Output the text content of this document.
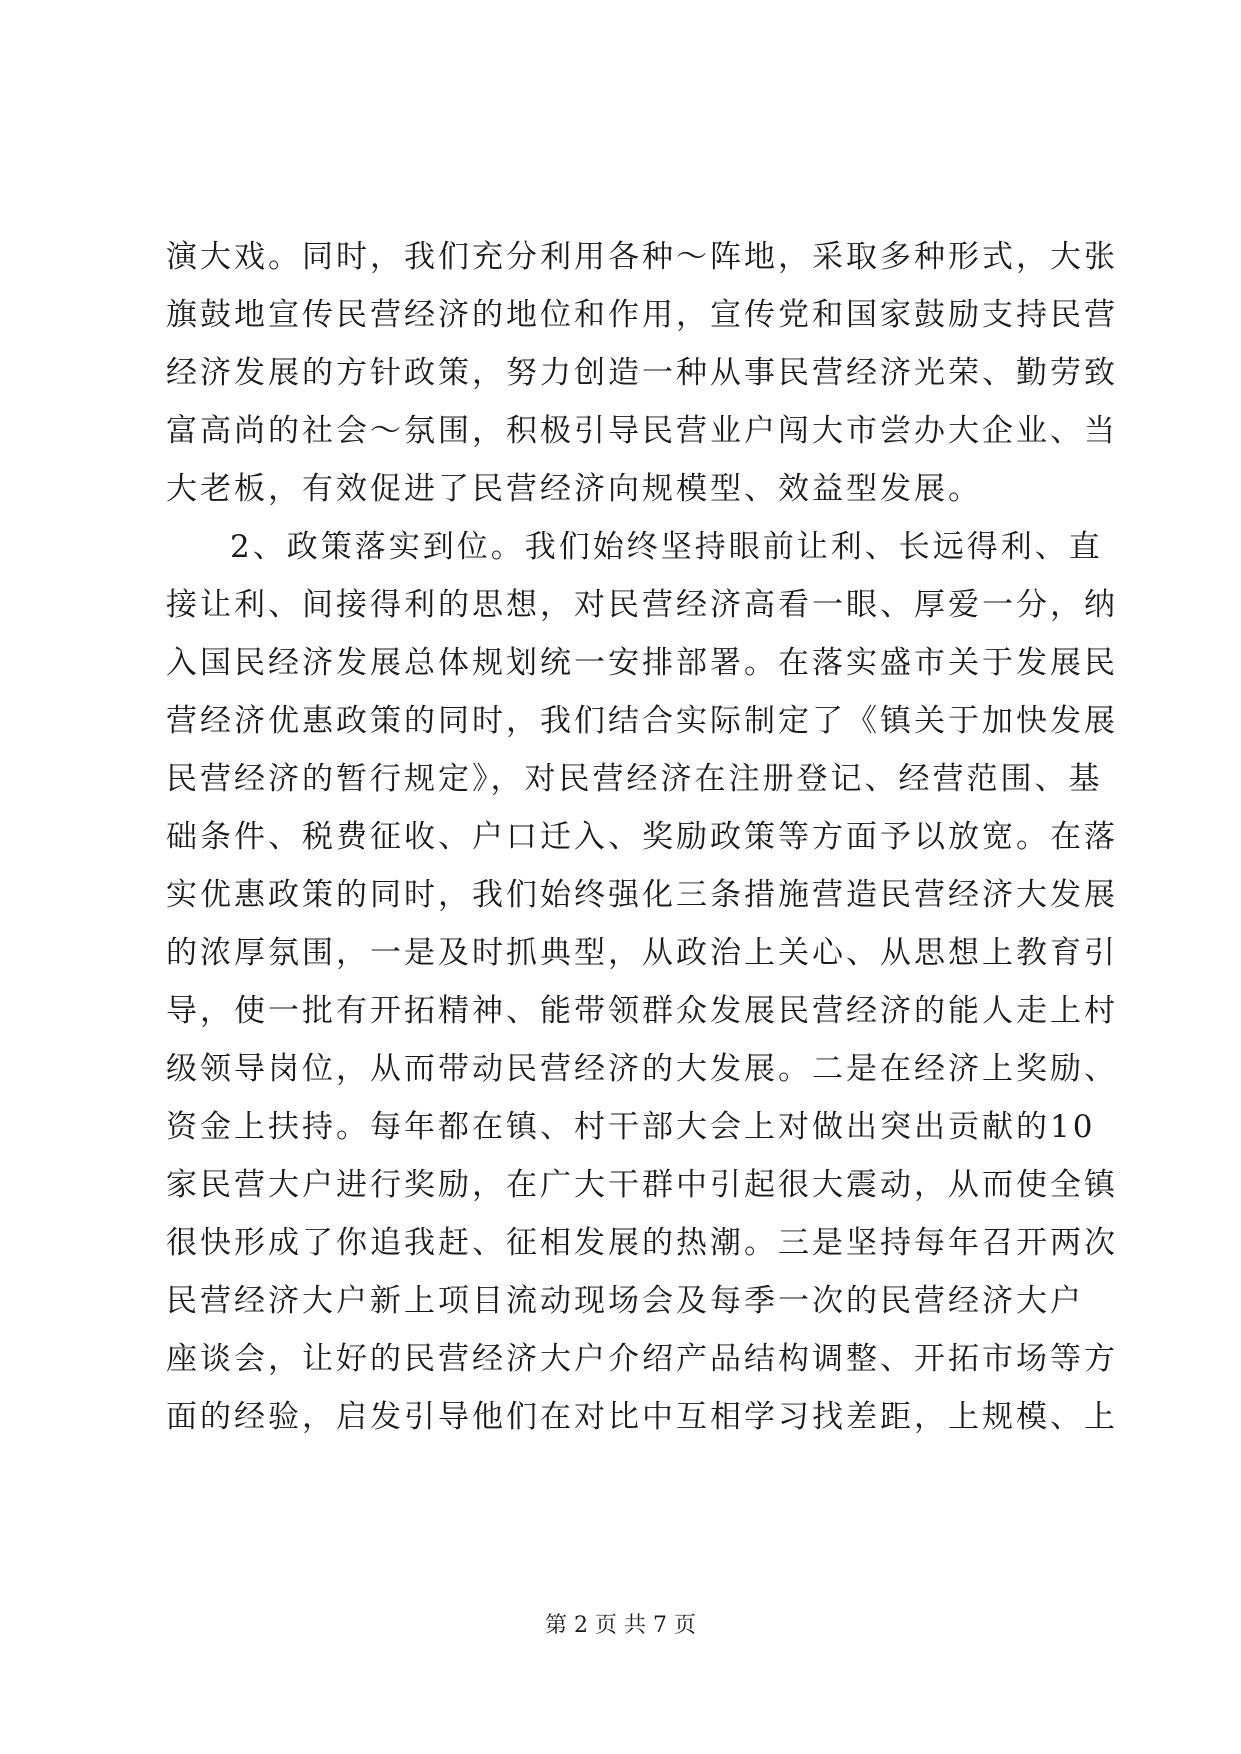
演大戏。同时，我们充分利用各种～阵地，采取多种形式，大张
旗鼓地宣传民营经济的地位和作用，宣传党和国家鼓励支持民营
经济发展的方针政策，努力创造一种从事民营经济光荣、勤劳致
富高尚的社会～氛围，积极引导民营业户闯大市尝办大企业、当
大老板，有效促进了民营经济向规模型、效益型发展。
2、政策落实到位。我们始终坚持眼前让利、长远得利、直
接让利、间接得利的思想，对民营经济高看一眼、厚爱一分，纳
入国民经济发展总体规划统一安排部署。在落实盛市关于发展民
营经济优惠政策的同时，我们结合实际制定了《镇关于加快发展
民营经济的暂行规定》，对民营经济在注册登记、经营范围、基
础条件、税费征收、户口迁入、奖励政策等方面予以放宽。在落
实优惠政策的同时，我们始终强化三条措施营造民营经济大发展
的浓厚氛围，一是及时抓典型，从政治上关心、从思想上教育引
导，使一批有开拓精神、能带领群众发展民营经济的能人走上村
级领导岗位，从而带动民营经济的大发展。二是在经济上奖励、
资金上扶持。每年都在镇、村干部大会上对做出突出贡献的10
家民营大户进行奖励，在广大干群中引起很大震动，从而使全镇
很快形成了你追我赶、征相发展的热潮。三是坚持每年召开两次
民营经济大户新上项目流动现场会及每季一次的民营经济大户
座谈会，让好的民营经济大户介绍产品结构调整、开拓市场等方
面的经验，启发引导他们在对比中互相学习找差距，上规模、上
第 2 页 共 7 页
